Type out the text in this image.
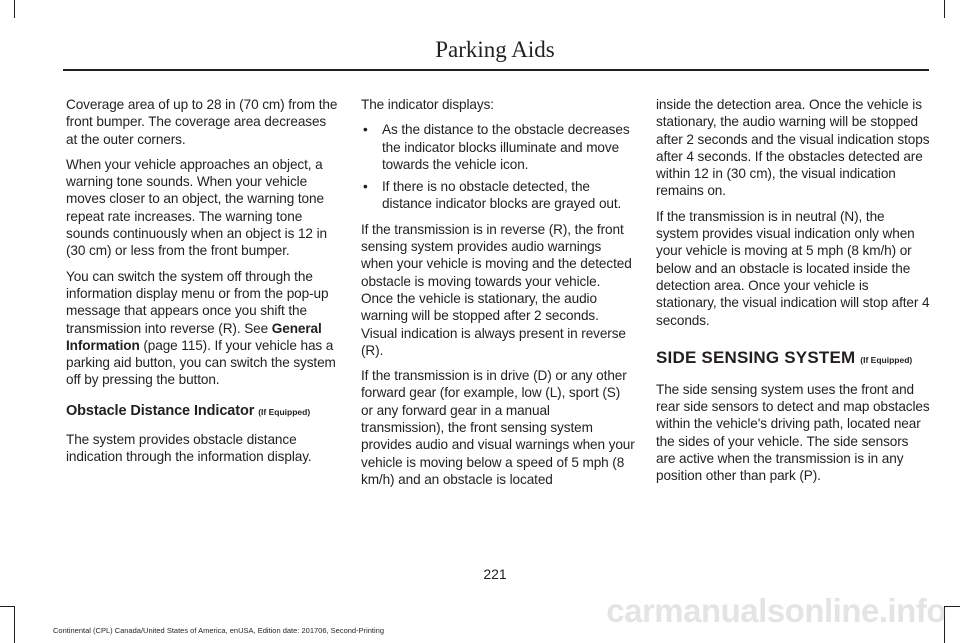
Parking Aids

Coverage area of up to 28 in (70 cm) from the front bumper. The coverage area decreases at the outer corners.

When your vehicle approaches an object, a warning tone sounds. When your vehicle moves closer to an object, the warning tone repeat rate increases. The warning tone sounds continuously when an object is 12 in (30 cm) or less from the front bumper.

You can switch the system off through the information display menu or from the pop-up message that appears once you shift the transmission into reverse (R). See General Information (page 115). If your vehicle has a parking aid button, you can switch the system off by pressing the button.

Obstacle Distance Indicator (If Equipped)

The system provides obstacle distance indication through the information display.

The indicator displays:

• As the distance to the obstacle decreases the indicator blocks illuminate and move towards the vehicle icon.
• If there is no obstacle detected, the distance indicator blocks are grayed out.

If the transmission is in reverse (R), the front sensing system provides audio warnings when your vehicle is moving and the detected obstacle is moving towards your vehicle. Once the vehicle is stationary, the audio warning will be stopped after 2 seconds. Visual indication is always present in reverse (R).

If the transmission is in drive (D) or any other forward gear (for example, low (L), sport (S) or any forward gear in a manual transmission), the front sensing system provides audio and visual warnings when your vehicle is moving below a speed of 5 mph (8 km/h) and an obstacle is located

inside the detection area. Once the vehicle is stationary, the audio warning will be stopped after 2 seconds and the visual indication stops after 4 seconds. If the obstacles detected are within 12 in (30 cm), the visual indication remains on.

If the transmission is in neutral (N), the system provides visual indication only when your vehicle is moving at 5 mph (8 km/h) or below and an obstacle is located inside the detection area. Once your vehicle is stationary, the visual indication will stop after 4 seconds.

SIDE SENSING SYSTEM (If Equipped)

The side sensing system uses the front and rear side sensors to detect and map obstacles within the vehicle's driving path, located near the sides of your vehicle. The side sensors are active when the transmission is in any position other than park (P).

221
Continental (CPL) Canada/United States of America, enUSA, Edition date: 201706, Second-Printing
carmanualsonline.info
